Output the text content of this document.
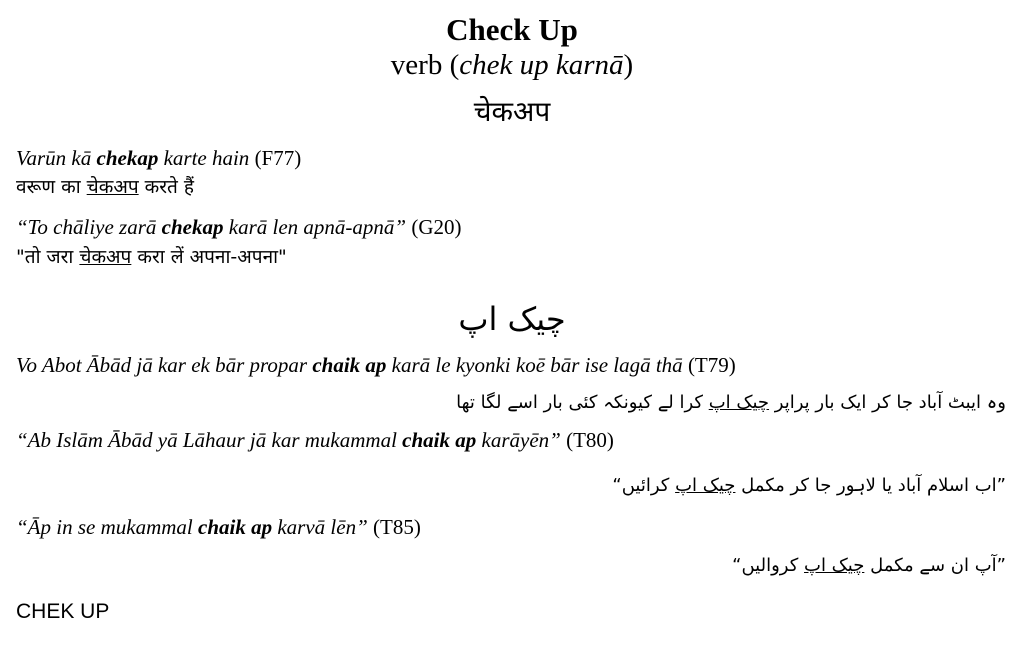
Check Up
verb (chek up karnā)
चेकअप
Varūn kā chekap karte hain (F77)
वरूण का चेकअप करते हैं
“To chāliye zarā chekap karā len apnā-apnā” (G20)
"तो जरा चेकअप करा लें अपना-अपना"
چیک اپ
Vo Abot Ābād jā kar ek bār propar chaik ap karā le kyonki koē bār ise lagā thā (T79)
وہ ایبٹ آباد جا کر ایک بار پراپر چیک اپ کرا لے کیونکہ کئی بار اسے لگا تھا
“Ab Islām Ābād yā Lāhaur jā kar mukammal chaik ap karāyēn” (T80)
”اب اسلام آباد یا لاہور جا کر مکمل چیک اپ کرائیں“
“Āp in se mukammal chaik ap karvā lēn” (T85)
”آپ ان سے مکمل چیک اپ کروالیں“
CHEK UP
